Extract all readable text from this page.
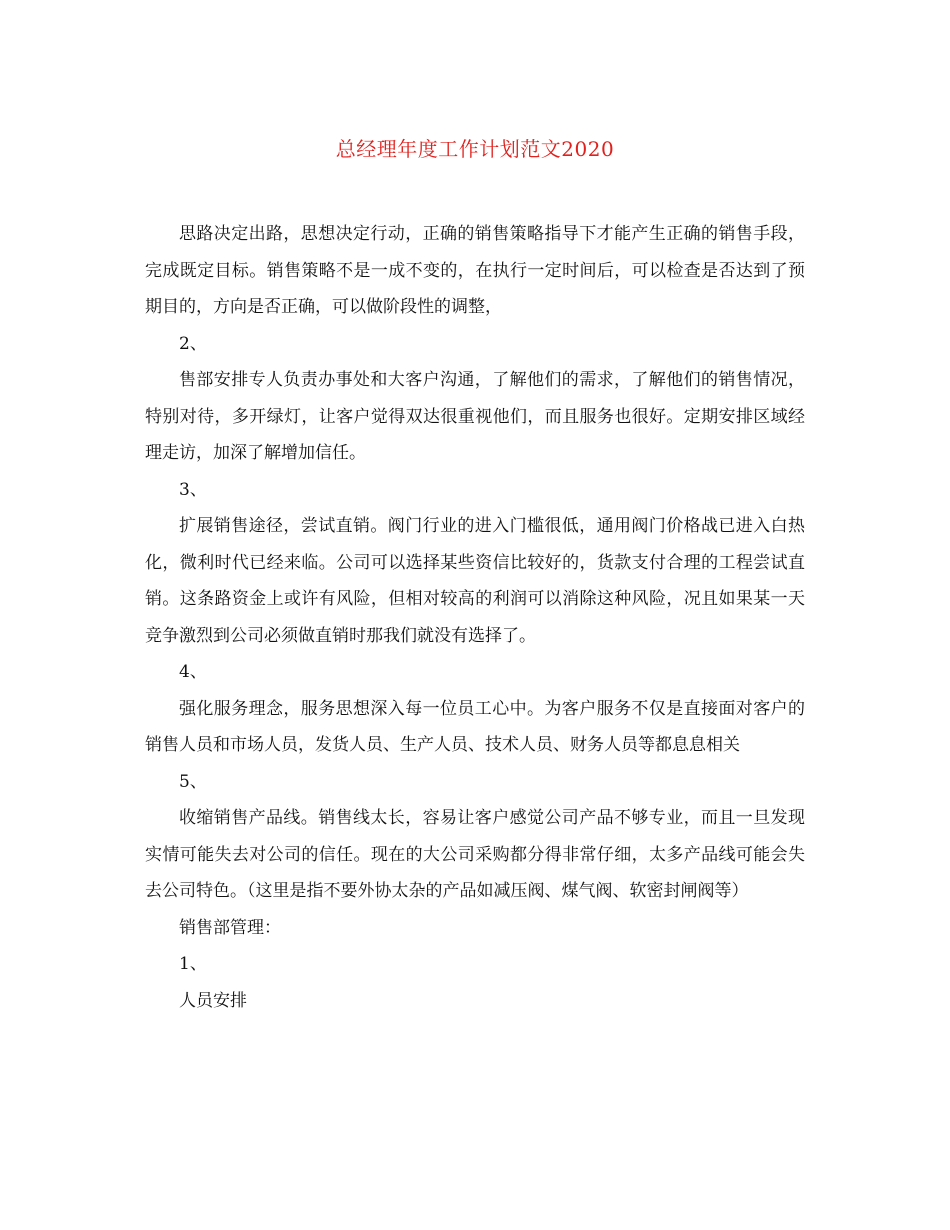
总经理年度工作计划范文2020

思路决定出路，思想决定行动，正确的销售策略指导下才能产生正确的销售手段，完成既定目标。销售策略不是一成不变的，在执行一定时间后，可以检查是否达到了预期目的，方向是否正确，可以做阶段性的调整，

2、

售部安排专人负责办事处和大客户沟通，了解他们的需求，了解他们的销售情况，特别对待，多开绿灯，让客户觉得双达很重视他们，而且服务也很好。定期安排区域经理走访，加深了解增加信任。

3、

扩展销售途径，尝试直销。阀门行业的进入门槛很低，通用阀门价格战已进入白热化，微利时代已经来临。公司可以选择某些资信比较好的，货款支付合理的工程尝试直销。这条路资金上或许有风险，但相对较高的利润可以消除这种风险，况且如果某一天竞争激烈到公司必须做直销时那我们就没有选择了。

4、

强化服务理念，服务思想深入每一位员工心中。为客户服务不仅是直接面对客户的销售人员和市场人员，发货人员、生产人员、技术人员、财务人员等都息息相关

5、

收缩销售产品线。销售线太长，容易让客户感觉公司产品不够专业，而且一旦发现实情可能失去对公司的信任。现在的大公司采购都分得非常仔细，太多产品线可能会失去公司特色。（这里是指不要外协太杂的产品如减压阀、煤气阀、软密封闸阀等）

销售部管理：

1、

人员安排
